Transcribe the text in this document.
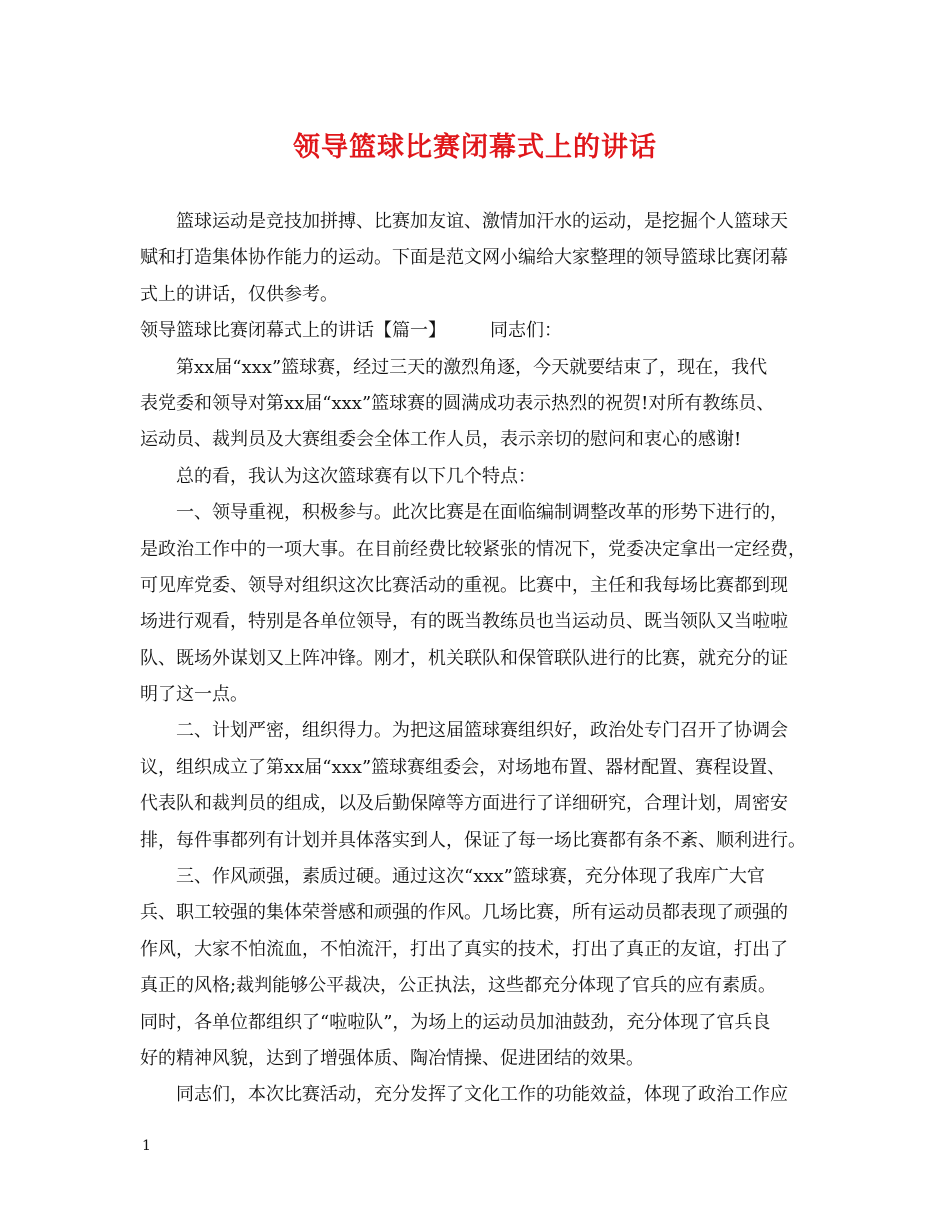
领导篮球比赛闭幕式上的讲话
篮球运动是竞技加拼搏、比赛加友谊、激情加汗水的运动，是挖掘个人篮球天
赋和打造集体协作能力的运动。下面是范文网小编给大家整理的领导篮球比赛闭幕
式上的讲话，仅供参考。
领导篮球比赛闭幕式上的讲话【篇一】 同志们：
第xx届“xxx”篮球赛，经过三天的激烈角逐，今天就要结束了，现在，我代
表党委和领导对第xx届“xxx”篮球赛的圆满成功表示热烈的祝贺!对所有教练员、
运动员、裁判员及大赛组委会全体工作人员，表示亲切的慰问和衷心的感谢!
总的看，我认为这次篮球赛有以下几个特点：
一、领导重视，积极参与。此次比赛是在面临编制调整改革的形势下进行的，
是政治工作中的一项大事。在目前经费比较紧张的情况下，党委决定拿出一定经费，
可见库党委、领导对组织这次比赛活动的重视。比赛中，主任和我每场比赛都到现
场进行观看，特别是各单位领导，有的既当教练员也当运动员、既当领队又当啦啦
队、既场外谋划又上阵冲锋。刚才，机关联队和保管联队进行的比赛，就充分的证
明了这一点。
二、计划严密，组织得力。为把这届篮球赛组织好，政治处专门召开了协调会
议，组织成立了第xx届“xxx”篮球赛组委会，对场地布置、器材配置、赛程设置、
代表队和裁判员的组成，以及后勤保障等方面进行了详细研究，合理计划，周密安
排，每件事都列有计划并具体落实到人，保证了每一场比赛都有条不紊、顺利进行。
三、作风顽强，素质过硬。通过这次“xxx”篮球赛，充分体现了我库广大官
兵、职工较强的集体荣誉感和顽强的作风。几场比赛，所有运动员都表现了顽强的
作风，大家不怕流血，不怕流汗，打出了真实的技术，打出了真正的友谊，打出了
真正的风格;裁判能够公平裁决，公正执法，这些都充分体现了官兵的应有素质。
同时，各单位都组织了“啦啦队”，为场上的运动员加油鼓劲，充分体现了官兵良
好的精神风貌，达到了增强体质、陶冶情操、促进团结的效果。
同志们，本次比赛活动，充分发挥了文化工作的功能效益，体现了政治工作应
1
